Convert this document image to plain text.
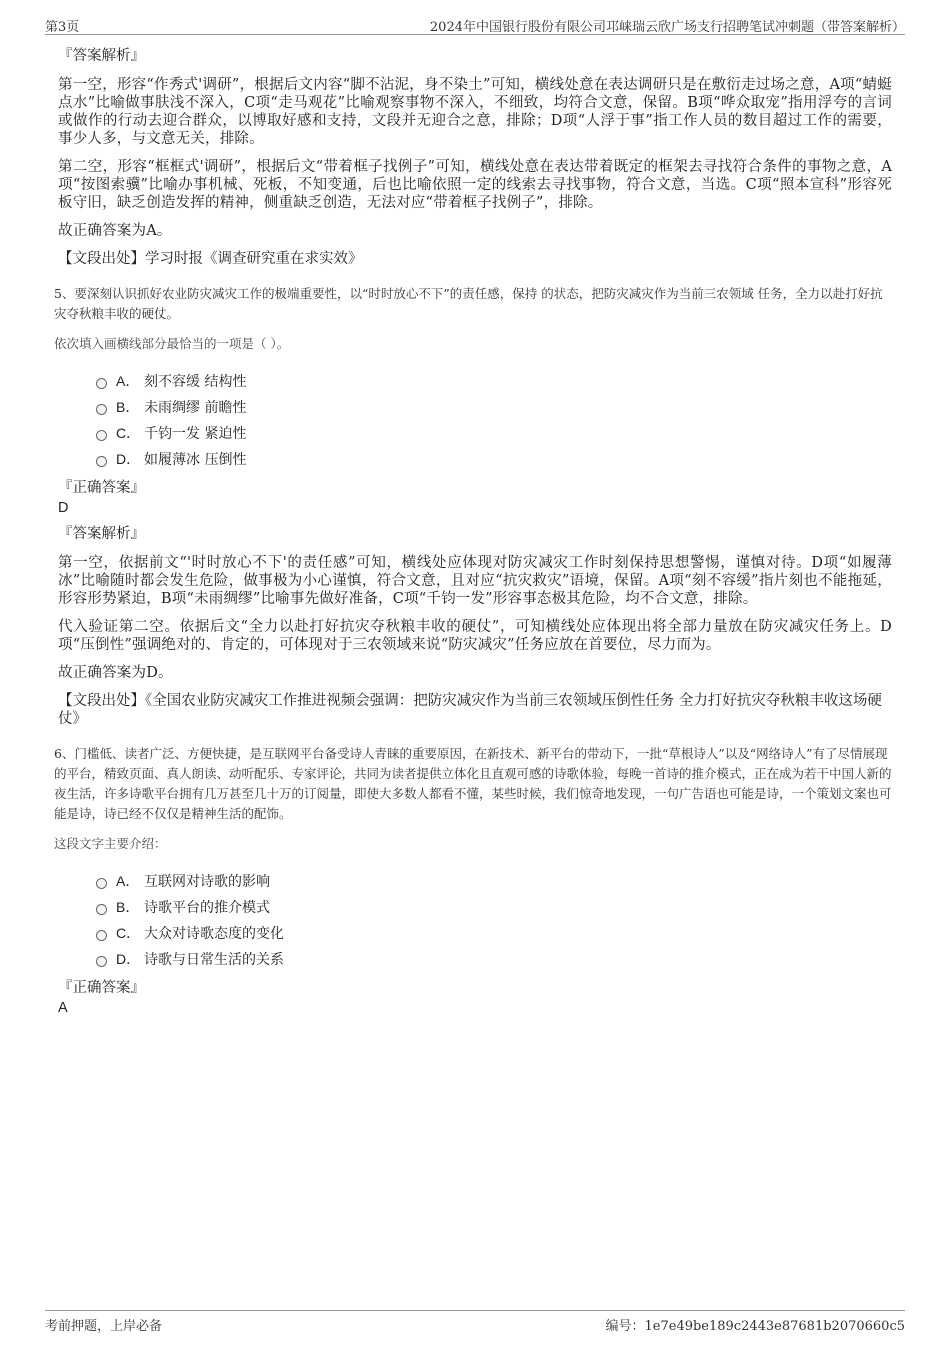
第3页	2024年中国银行股份有限公司邛崃瑞云欣广场支行招聘笔试冲刺题（带答案解析）
『答案解析』

第一空，形容“作秀式'调研”，根据后文内容“脚不沾泥，身不染土”可知，横线处意在表达调研只是在敷衍走过场之意，A项“蜻蜓点水”比喻做事肤浅不深入，C项“走马观花”比喻观察事物不深入，不细致，均符合文意，保留。B项“哗众取宠”指用浮夸的言词或做作的行动去迎合群众，以博取好感和支持，文段并无迎合之意，排除；D项“人浮于事”指工作人员的数目超过工作的需要，事少人多，与文意无关，排除。

第二空，形容“框框式'调研”，根据后文“带着框子找例子”可知，横线处意在表达带着既定的框架去寻找符合条件的事物之意，A项“按图索骥”比喻办事机械、死板，不知变通，后也比喻依照一定的线索去寻找事物，符合文意，当选。C项“照本宣科”形容死板守旧，缺乏创造发挥的精神，侧重缺乏创造，无法对应“带着框子找例子”，排除。

故正确答案为A。

【文段出处】学习时报《调查研究重在求实效》

5、要深刻认识抓好农业防灾减灾工作的极端重要性，以“时时放心不下”的责任感，保持 的状态，把防灾减灾作为当前三农领域 任务，全力以赴打好抗灾夺秋粮丰收的硬仗。

依次填入画横线部分最恰当的一项是（ ）。

A． 刻不容缓 结构性
B． 未雨绸缪 前瞻性
C． 千钧一发 紧迫性
D． 如履薄冰 压倒性
『正确答案』
D
『答案解析』

第一空，依据前文“'时时放心不下'的责任感”可知，横线处应体现对防灾减灾工作时刻保持思想警惕，谨慎对待。D项“如履薄冰”比喻随时都会发生危险，做事极为小心谨慎，符合文意，且对应“抗灾救灾”语境，保留。A项“刻不容缓”指片刻也不能拖延，形容形势紧迫，B项“未雨绸缪”比喻事先做好准备，C项“千钧一发”形容事态极其危险，均不合文意，排除。

代入验证第二空。依据后文“全力以赴打好抗灾夺秋粮丰收的硬仗”，可知横线处应体现出将全部力量放在防灾减灾任务上。D项“压倒性”强调绝对的、肯定的，可体现对于三农领域来说“防灾减灾”任务应放在首要位，尽力而为。

故正确答案为D。

【文段出处】《全国农业防灾减灾工作推进视频会强调：把防灾减灾作为当前三农领域压倒性任务 全力打好抗灾夺秋粮丰收这场硬仗》

6、门槛低、读者广泛、方便快捷，是互联网平台备受诗人青睐的重要原因，在新技术、新平台的带动下，一批“草根诗人”以及“网络诗人”有了尽情展现的平台，精致页面、真人朗读、动听配乐、专家评论，共同为读者提供立体化且直观可感的诗歌体验，每晚一首诗的推介模式，正在成为若干中国人新的夜生活，许多诗歌平台拥有几万甚至几十万的订阅量，即使大多数人都看不懂，某些时候，我们惊奇地发现，一句广告语也可能是诗，一个策划文案也可能是诗，诗已经不仅仅是精神生活的配饰。

这段文字主要介绍：

A． 互联网对诗歌的影响
B． 诗歌平台的推介模式
C． 大众对诗歌态度的变化
D． 诗歌与日常生活的关系
『正确答案』
A
考前押题，上岸必备	编号：1e7e49be189c2443e87681b2070660c5
